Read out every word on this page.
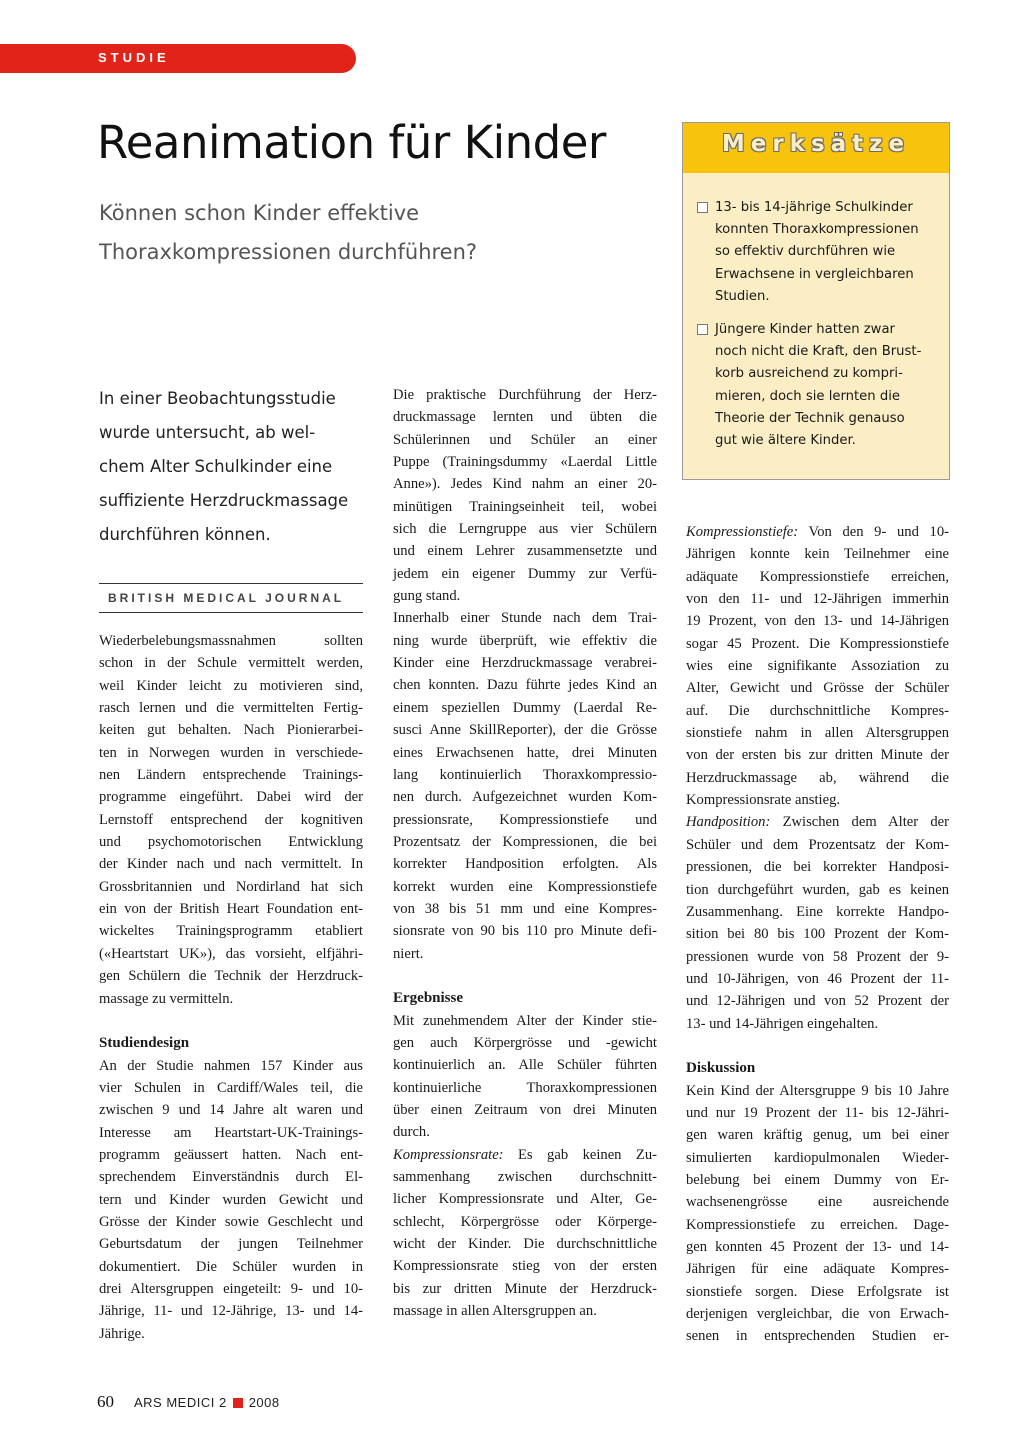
STUDIE
Reanimation für Kinder
Können schon Kinder effektive
Thoraxkompressionen durchführen?
In einer Beobachtungsstudie
wurde untersucht, ab wel-
chem Alter Schulkinder eine
suffiziente Herzdruckmassage
durchführen können.
BRITISH MEDICAL JOURNAL
Wiederbelebungsmassnahmen sollten
schon in der Schule vermittelt werden,
weil Kinder leicht zu motivieren sind,
rasch lernen und die vermittelten Fertig-
keiten gut behalten. Nach Pionierarbei-
ten in Norwegen wurden in verschiede-
nen Ländern entsprechende Trainings-
programme eingeführt. Dabei wird der
Lernstoff entsprechend der kognitiven
und psychomotorischen Entwicklung
der Kinder nach und nach vermittelt. In
Grossbritannien und Nordirland hat sich
ein von der British Heart Foundation ent-
wickeltes Trainingsprogramm etabliert
(«Heartstart UK»), das vorsieht, elfjähri-
gen Schülern die Technik der Herzdruck-
massage zu vermitteln.
Studiendesign
An der Studie nahmen 157 Kinder aus
vier Schulen in Cardiff/Wales teil, die
zwischen 9 und 14 Jahre alt waren und
Interesse am Heartstart-UK-Trainings-
programm geäussert hatten. Nach ent-
sprechendem Einverständnis durch El-
tern und Kinder wurden Gewicht und
Grösse der Kinder sowie Geschlecht und
Geburtsdatum der jungen Teilnehmer
dokumentiert. Die Schüler wurden in
drei Altersgruppen eingeteilt: 9- und 10-
Jährige, 11- und 12-Jährige, 13- und 14-
Jährige.
Die praktische Durchführung der Herz-
druckmassage lernten und übten die
Schülerinnen und Schüler an einer
Puppe (Trainingsdummy «Laerdal Little
Anne»). Jedes Kind nahm an einer 20-
minütigen Trainingseinheit teil, wobei
sich die Lerngruppe aus vier Schülern
und einem Lehrer zusammensetzte und
jedem ein eigener Dummy zur Verfü-
gung stand.
Innerhalb einer Stunde nach dem Trai-
ning wurde überprüft, wie effektiv die
Kinder eine Herzdruckmassage verabrei-
chen konnten. Dazu führte jedes Kind an
einem speziellen Dummy (Laerdal Re-
susci Anne SkillReporter), der die Grösse
eines Erwachsenen hatte, drei Minuten
lang kontinuierlich Thoraxkompressio-
nen durch. Aufgezeichnet wurden Kom-
pressionsrate, Kompressionstiefe und
Prozentsatz der Kompressionen, die bei
korrekter Handposition erfolgten. Als
korrekt wurden eine Kompressionstiefe
von 38 bis 51 mm und eine Kompres-
sionsrate von 90 bis 110 pro Minute defi-
niert.
Ergebnisse
Mit zunehmendem Alter der Kinder stie-
gen auch Körpergrösse und -gewicht
kontinuierlich an. Alle Schüler führten
kontinuierliche Thoraxkompressionen
über einen Zeitraum von drei Minuten
durch.
Kompressionsrate: Es gab keinen Zu-
sammenhang zwischen durchschnitt-
licher Kompressionsrate und Alter, Ge-
schlecht, Körpergrösse oder Körperge-
wicht der Kinder. Die durchschnittliche
Kompressionsrate stieg von der ersten
bis zur dritten Minute der Herzdruck-
massage in allen Altersgruppen an.
Kompressionstiefe: Von den 9- und 10-
Jährigen konnte kein Teilnehmer eine
adäquate Kompressionstiefe erreichen,
von den 11- und 12-Jährigen immerhin
19 Prozent, von den 13- und 14-Jährigen
sogar 45 Prozent. Die Kompressionstiefe
wies eine signifikante Assoziation zu
Alter, Gewicht und Grösse der Schüler
auf. Die durchschnittliche Kompres-
sionstiefe nahm in allen Altersgruppen
von der ersten bis zur dritten Minute der
Herzdruckmassage ab, während die
Kompressionsrate anstieg.
Handposition: Zwischen dem Alter der
Schüler und dem Prozentsatz der Kom-
pressionen, die bei korrekter Handposi-
tion durchgeführt wurden, gab es keinen
Zusammenhang. Eine korrekte Handpo-
sition bei 80 bis 100 Prozent der Kom-
pressionen wurde von 58 Prozent der 9-
und 10-Jährigen, von 46 Prozent der 11-
und 12-Jährigen und von 52 Prozent der
13- und 14-Jährigen eingehalten.
Diskussion
Kein Kind der Altersgruppe 9 bis 10 Jahre
und nur 19 Prozent der 11- bis 12-Jähri-
gen waren kräftig genug, um bei einer
simulierten kardiopulmonalen Wieder-
belebung bei einem Dummy von Er-
wachsenengrösse eine ausreichende
Kompressionstiefe zu erreichen. Dage-
gen konnten 45 Prozent der 13- und 14-
Jährigen für eine adäquate Kompres-
sionstiefe sorgen. Diese Erfolgsrate ist
derjenigen vergleichbar, die von Erwach-
senen in entsprechenden Studien er-
Merksätze
13- bis 14-jährige Schulkinder
konnten Thoraxkompressionen
so effektiv durchführen wie
Erwachsene in vergleichbaren
Studien.
Jüngere Kinder hatten zwar
noch nicht die Kraft, den Brust-
korb ausreichend zu kompri-
mieren, doch sie lernten die
Theorie der Technik genauso
gut wie ältere Kinder.
60 ARS MEDICI 2 2008
